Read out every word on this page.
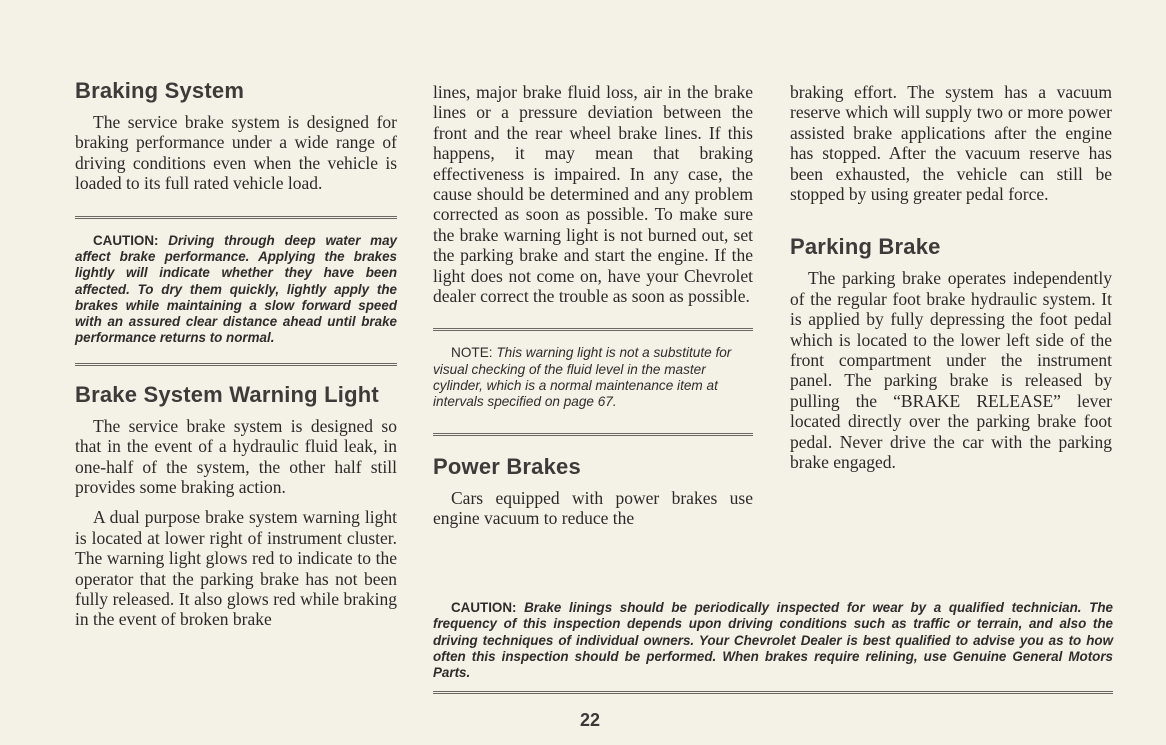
Braking System

The service brake system is designed for braking performance under a wide range of driving conditions even when the vehicle is loaded to its full rated vehicle load.

CAUTION: Driving through deep water may affect brake performance. Applying the brakes lightly will indicate whether they have been affected. To dry them quickly, lightly apply the brakes while maintaining a slow forward speed with an assured clear distance ahead until brake performance returns to normal.

Brake System Warning Light

The service brake system is designed so that in the event of a hydraulic fluid leak, in one-half of the system, the other half still provides some braking action.

A dual purpose brake system warning light is located at lower right of instrument cluster. The warning light glows red to indicate to the operator that the parking brake has not been fully released. It also glows red while braking in the event of broken brake

lines, major brake fluid loss, air in the brake lines or a pressure deviation between the front and the rear wheel brake lines. If this happens, it may mean that braking effectiveness is impaired. In any case, the cause should be determined and any problem corrected as soon as possible. To make sure the brake warning light is not burned out, set the parking brake and start the engine. If the light does not come on, have your Chevrolet dealer correct the trouble as soon as possible.

NOTE: This warning light is not a substitute for visual checking of the fluid level in the master cylinder, which is a normal maintenance item at intervals specified on page 67.

Power Brakes

Cars equipped with power brakes use engine vacuum to reduce the

braking effort. The system has a vacuum reserve which will supply two or more power assisted brake applications after the engine has stopped. After the vacuum reserve has been exhausted, the vehicle can still be stopped by using greater pedal force.

Parking Brake

The parking brake operates independently of the regular foot brake hydraulic system. It is applied by fully depressing the foot pedal which is located to the lower left side of the front compartment under the instrument panel. The parking brake is released by pulling the “BRAKE RELEASE” lever located directly over the parking brake foot pedal. Never drive the car with the parking brake engaged.

CAUTION: Brake linings should be periodically inspected for wear by a qualified technician. The frequency of this inspection depends upon driving conditions such as traffic or terrain, and also the driving techniques of individual owners. Your Chevrolet Dealer is best qualified to advise you as to how often this inspection should be performed. When brakes require relining, use Genuine General Motors Parts.

22
